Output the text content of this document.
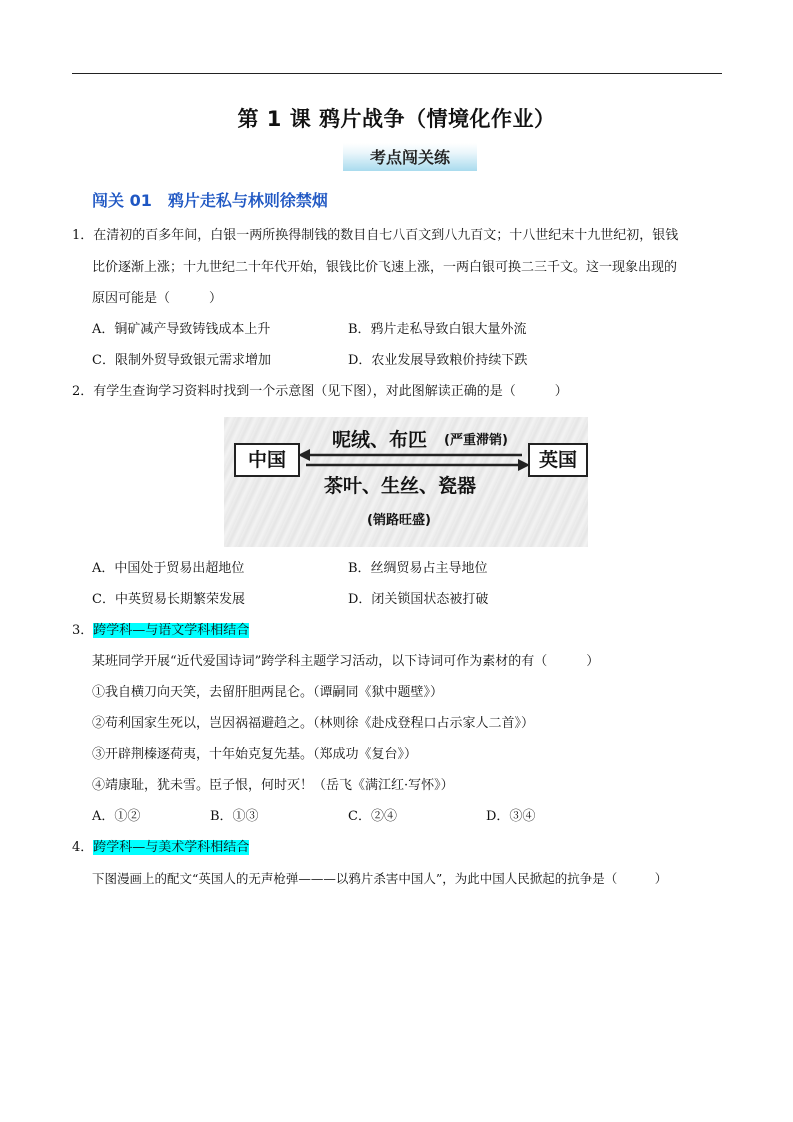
第 1 课 鸦片战争（情境化作业）
考点闯关练
闯关 01 鸦片走私与林则徐禁烟
1．在清初的百多年间，白银一两所换得制钱的数目自七八百文到八九百文；十八世纪末十九世纪初，银钱
比价逐渐上涨；十九世纪二十年代开始，银钱比价飞速上涨，一两白银可换二三千文。这一现象出现的
原因可能是（　　　）
A．铜矿减产导致铸钱成本上升	B．鸦片走私导致白银大量外流
C．限制外贸导致银元需求增加	D．农业发展导致粮价持续下跌
2．有学生查询学习资料时找到一个示意图（见下图），对此图解读正确的是（　　　）
中国	英国
呢绒、布匹 (严重滞销)
茶叶、生丝、瓷器
(销路旺盛)
A．中国处于贸易出超地位	B．丝绸贸易占主导地位
C．中英贸易长期繁荣发展	D．闭关锁国状态被打破
3．跨学科—与语文学科相结合
某班同学开展“近代爱国诗词”跨学科主题学习活动，以下诗词可作为素材的有（　　　）
①我自横刀向天笑，去留肝胆两昆仑。（谭嗣同《狱中题壁》）
②苟利国家生死以，岂因祸福避趋之。（林则徐《赴戍登程口占示家人二首》）
③开辟荆榛逐荷夷，十年始克复先基。（郑成功《复台》）
④靖康耻，犹未雪。臣子恨，何时灭！（岳飞《满江红·写怀》）
A．①②	B．①③	C．②④	D．③④
4．跨学科—与美术学科相结合
下图漫画上的配文“英国人的无声枪弹———以鸦片杀害中国人”，为此中国人民掀起的抗争是（　　　）
